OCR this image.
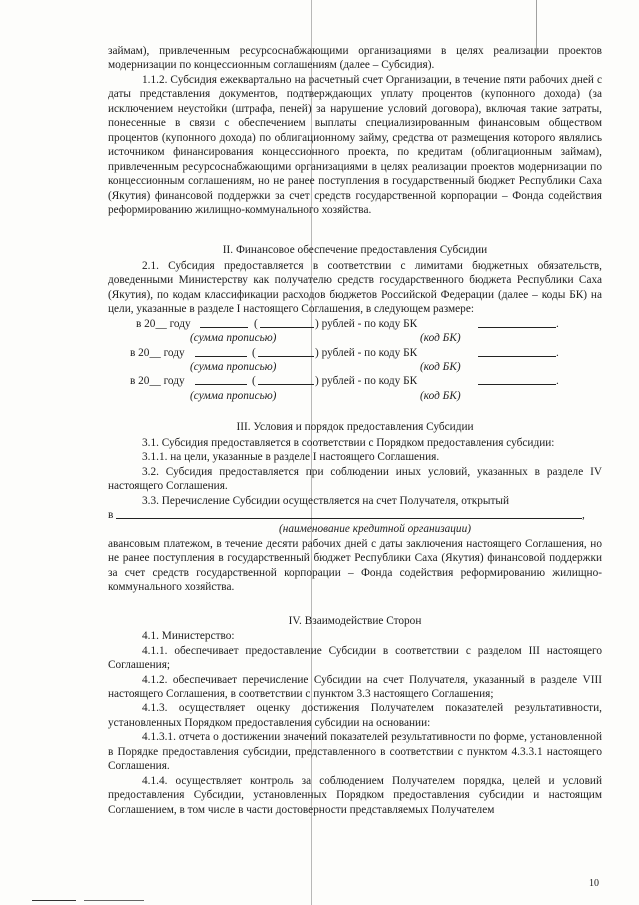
займам), привлеченным ресурсоснабжающими организациями в целях реализации проектов модернизации по концессионным соглашениям (далее – Субсидия).

1.1.2. Субсидия ежеквартально на расчетный счет Организации, в течение пяти рабочих дней с даты представления документов, подтверждающих уплату процентов (купонного дохода) (за исключением неустойки (штрафа, пеней) за нарушение условий договора), включая такие затраты, понесенные в связи с обеспечением выплаты специализированным финансовым обществом процентов (купонного дохода) по облигационному займу, средства от размещения которого являлись источником финансирования концессионного проекта, по кредитам (облигационным займам), привлеченным ресурсоснабжающими организациями в целях реализации проектов модернизации по концессионным соглашениям, но не ранее поступления в государственный бюджет Республики Саха (Якутия) финансовой поддержки за счет средств государственной корпорации – Фонда содействия реформированию жилищно-коммунального хозяйства.

II. Финансовое обеспечение предоставления Субсидии

2.1. Субсидия предоставляется в соответствии с лимитами бюджетных обязательств, доведенными Министерству как получателю средств государственного бюджета Республики Саха (Якутия), по кодам классификации расходов бюджетов Российской Федерации (далее – коды БК) на цели, указанные в разделе I настоящего Соглашения, в следующем размере:

в 20__ году	(	) рублей - по коду БК	.
(сумма прописью)	(код БК)
в 20__ году	(	) рублей - по коду БК	.
(сумма прописью)	(код БК)
в 20__ году	(	) рублей - по коду БК	.
(сумма прописью)	(код БК)

III. Условия и порядок предоставления Субсидии

3.1. Субсидия предоставляется в соответствии с Порядком предоставления субсидии:

3.1.1. на цели, указанные в разделе I настоящего Соглашения.

3.2. Субсидия предоставляется при соблюдении иных условий, указанных в разделе IV настоящего Соглашения.

3.3. Перечисление Субсидии осуществляется на счет Получателя, открытый

в	,

(наименование кредитной организации)

авансовым платежом, в течение десяти рабочих дней с даты заключения настоящего Соглашения, но не ранее поступления в государственный бюджет Республики Саха (Якутия) финансовой поддержки за счет средств государственной корпорации – Фонда содействия реформированию жилищно-коммунального хозяйства.

IV. Взаимодействие Сторон

4.1. Министерство:

4.1.1. обеспечивает предоставление Субсидии в соответствии с разделом III настоящего Соглашения;

4.1.2. обеспечивает перечисление Субсидии на счет Получателя, указанный в разделе VIII настоящего Соглашения, в соответствии с пунктом 3.3 настоящего Соглашения;

4.1.3. осуществляет оценку достижения Получателем показателей результативности, установленных Порядком предоставления субсидии на основании:

4.1.3.1. отчета о достижении значений показателей результативности по форме, установленной в Порядке предоставления субсидии, представленного в соответствии с пунктом 4.3.3.1 настоящего Соглашения.

4.1.4. осуществляет контроль за соблюдением Получателем порядка, целей и условий предоставления Субсидии, установленных Порядком предоставления субсидии и настоящим Соглашением, в том числе в части достоверности представляемых Получателем

10
